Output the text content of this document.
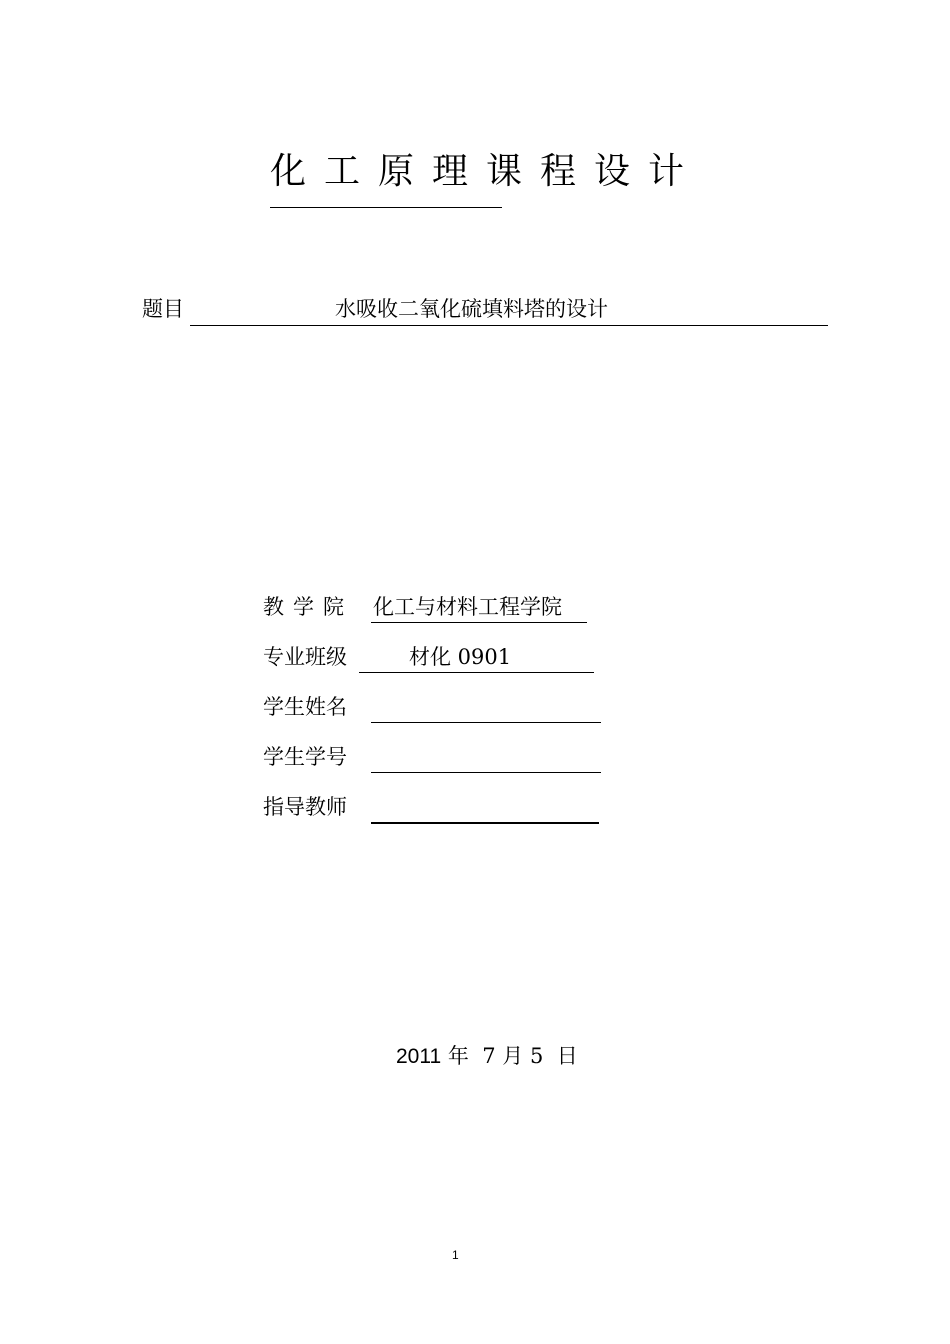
化工原理课程设计
题目	水吸收二氧化硫填料塔的设计
教学院 化工与材料工程学院
专业班级	材化 0901
学生姓名
学生学号
指导教师
2011 年 7 月 5 日
1
